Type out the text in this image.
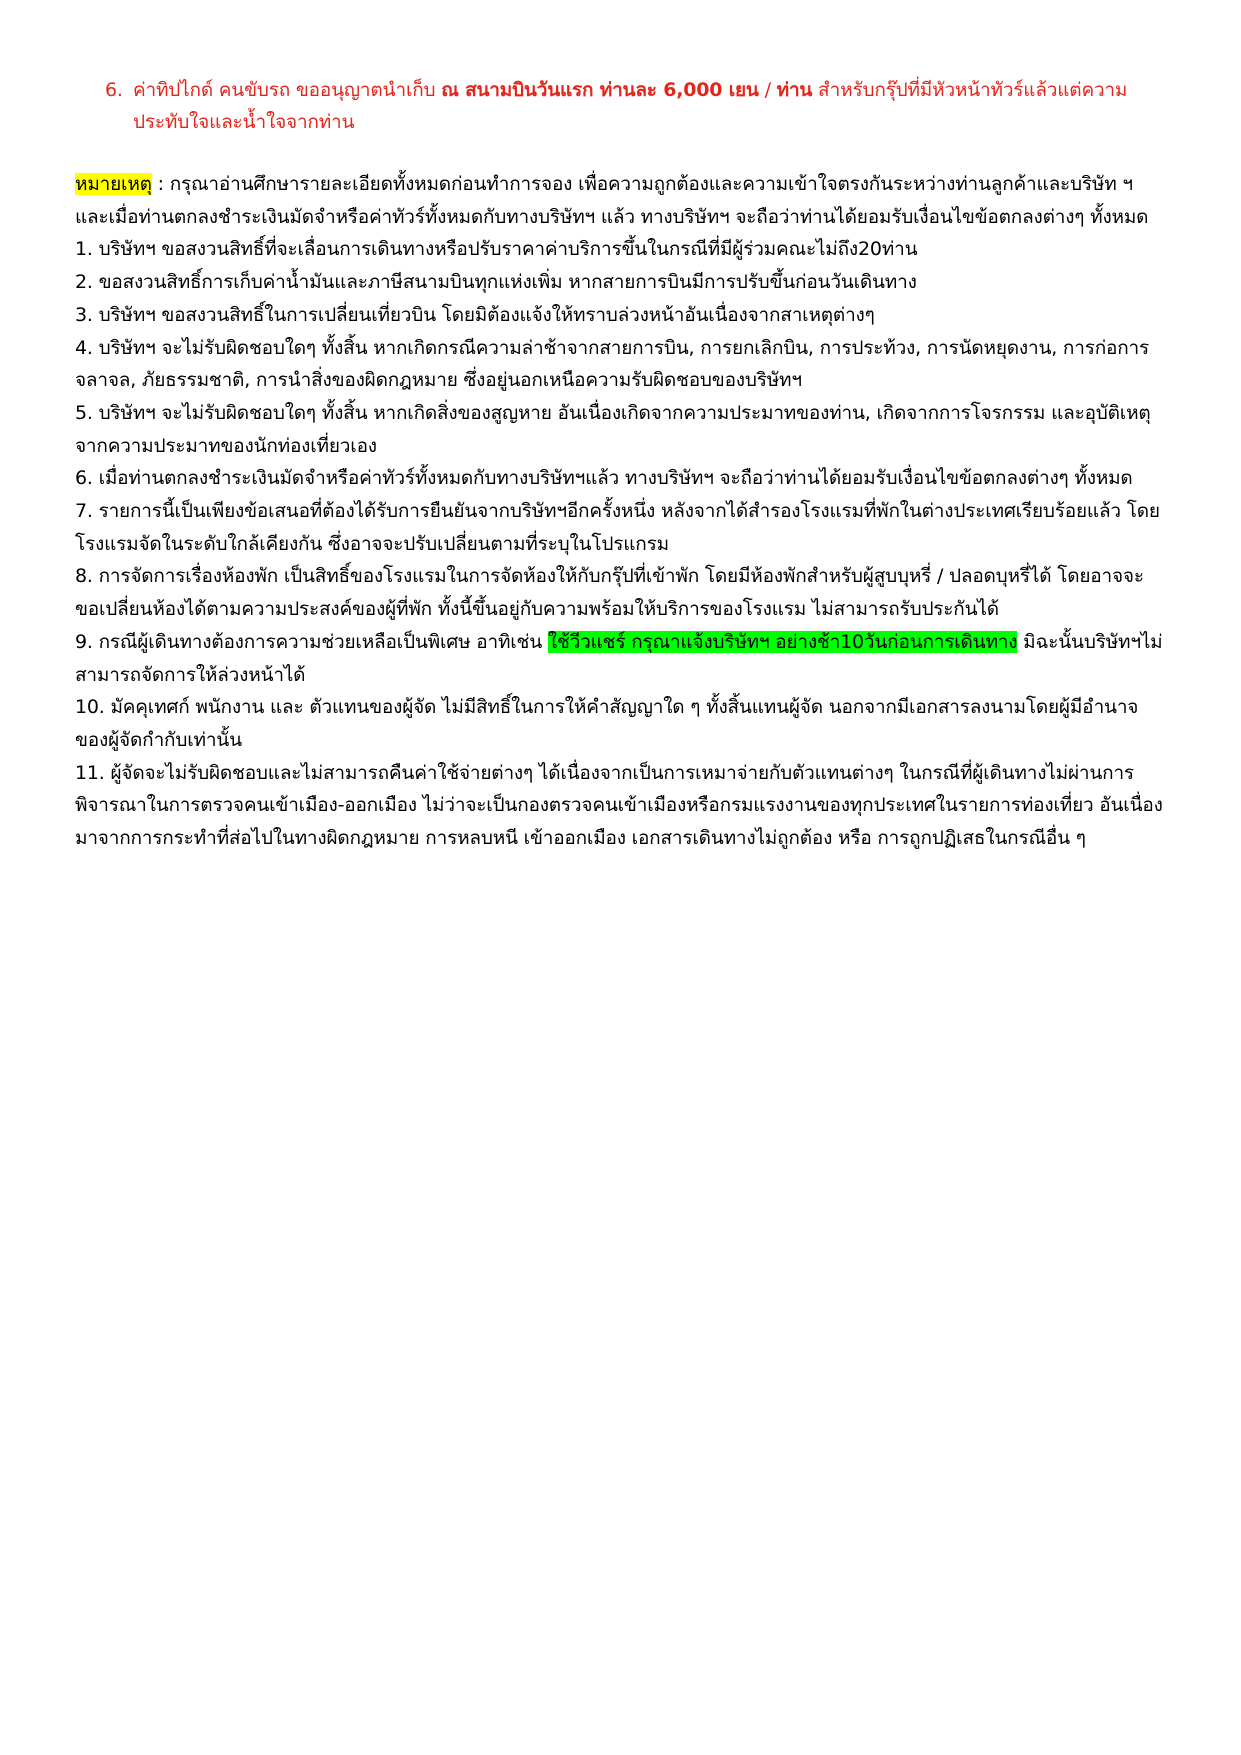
6. ค่าทิปไกด์ คนขับรถ ขออนุญาตนำเก็บ ณ สนามบินวันแรก ท่านละ 6,000 เยน / ท่าน สำหรับกรุ๊ปที่มีหัวหน้าทัวร์แล้วแต่ความประทับใจและน้ำใจจากท่าน

หมายเหตุ : กรุณาอ่านศึกษารายละเอียดทั้งหมดก่อนทำการจอง เพื่อความถูกต้องและความเข้าใจตรงกันระหว่างท่านลูกค้าและบริษัท ฯ และเมื่อท่านตกลงชำระเงินมัดจำหรือค่าทัวร์ทั้งหมดกับทางบริษัทฯ แล้ว ทางบริษัทฯ จะถือว่าท่านได้ยอมรับเงื่อนไขข้อตกลงต่างๆ ทั้งหมด

1. บริษัทฯ ขอสงวนสิทธิ์ที่จะเลื่อนการเดินทางหรือปรับราคาค่าบริการขึ้นในกรณีที่มีผู้ร่วมคณะไม่ถึง20ท่าน

2. ขอสงวนสิทธิ์การเก็บค่าน้ำมันและภาษีสนามบินทุกแห่งเพิ่ม หากสายการบินมีการปรับขึ้นก่อนวันเดินทาง

3. บริษัทฯ ขอสงวนสิทธิ์ในการเปลี่ยนเที่ยวบิน โดยมิต้องแจ้งให้ทราบล่วงหน้าอันเนื่องจากสาเหตุต่างๆ

4. บริษัทฯ จะไม่รับผิดชอบใดๆ ทั้งสิ้น หากเกิดกรณีความล่าช้าจากสายการบิน, การยกเลิกบิน, การประท้วง, การนัดหยุดงาน, การก่อการจลาจล, ภัยธรรมชาติ, การนำสิ่งของผิดกฎหมาย ซึ่งอยู่นอกเหนือความรับผิดชอบของบริษัทฯ

5. บริษัทฯ จะไม่รับผิดชอบใดๆ ทั้งสิ้น หากเกิดสิ่งของสูญหาย อันเนื่องเกิดจากความประมาทของท่าน, เกิดจากการโจรกรรม และอุบัติเหตุจากความประมาทของนักท่องเที่ยวเอง

6. เมื่อท่านตกลงชำระเงินมัดจำหรือค่าทัวร์ทั้งหมดกับทางบริษัทฯแล้ว ทางบริษัทฯ จะถือว่าท่านได้ยอมรับเงื่อนไขข้อตกลงต่างๆ ทั้งหมด

7. รายการนี้เป็นเพียงข้อเสนอที่ต้องได้รับการยืนยันจากบริษัทฯอีกครั้งหนึ่ง หลังจากได้สำรองโรงแรมที่พักในต่างประเทศเรียบร้อยแล้ว โดยโรงแรมจัดในระดับใกล้เคียงกัน ซึ่งอาจจะปรับเปลี่ยนตามที่ระบุในโปรแกรม

8. การจัดการเรื่องห้องพัก เป็นสิทธิ์ของโรงแรมในการจัดห้องให้กับกรุ๊ปที่เข้าพัก โดยมีห้องพักสำหรับผู้สูบบุหรี่ / ปลอดบุหรี่ได้ โดยอาจจะขอเปลี่ยนห้องได้ตามความประสงค์ของผู้ที่พัก ทั้งนี้ขึ้นอยู่กับความพร้อมให้บริการของโรงแรม ไม่สามารถรับประกันได้

9. กรณีผู้เดินทางต้องการความช่วยเหลือเป็นพิเศษ อาทิเช่น ใช้วีวแชร์ กรุณาแจ้งบริษัทฯ อย่างช้า10วันก่อนการเดินทาง มิฉะนั้นบริษัทฯไม่สามารถจัดการให้ล่วงหน้าได้

10. มัคคุเทศก์ พนักงาน และ ตัวแทนของผู้จัด ไม่มีสิทธิ์ในการให้คำสัญญาใด ๆ ทั้งสิ้นแทนผู้จัด นอกจากมีเอกสารลงนามโดยผู้มีอำนาจของผู้จัดกำกับเท่านั้น

11. ผู้จัดจะไม่รับผิดชอบและไม่สามารถคืนค่าใช้จ่ายต่างๆ ได้เนื่องจากเป็นการเหมาจ่ายกับตัวแทนต่างๆ ในกรณีที่ผู้เดินทางไม่ผ่านการพิจารณาในการตรวจคนเข้าเมือง-ออกเมือง ไม่ว่าจะเป็นกองตรวจคนเข้าเมืองหรือกรมแรงงานของทุกประเทศในรายการท่องเที่ยว อันเนื่องมาจากการกระทำที่ส่อไปในทางผิดกฎหมาย การหลบหนี เข้าออกเมือง เอกสารเดินทางไม่ถูกต้อง หรือ การถูกปฏิเสธในกรณีอื่น ๆ
